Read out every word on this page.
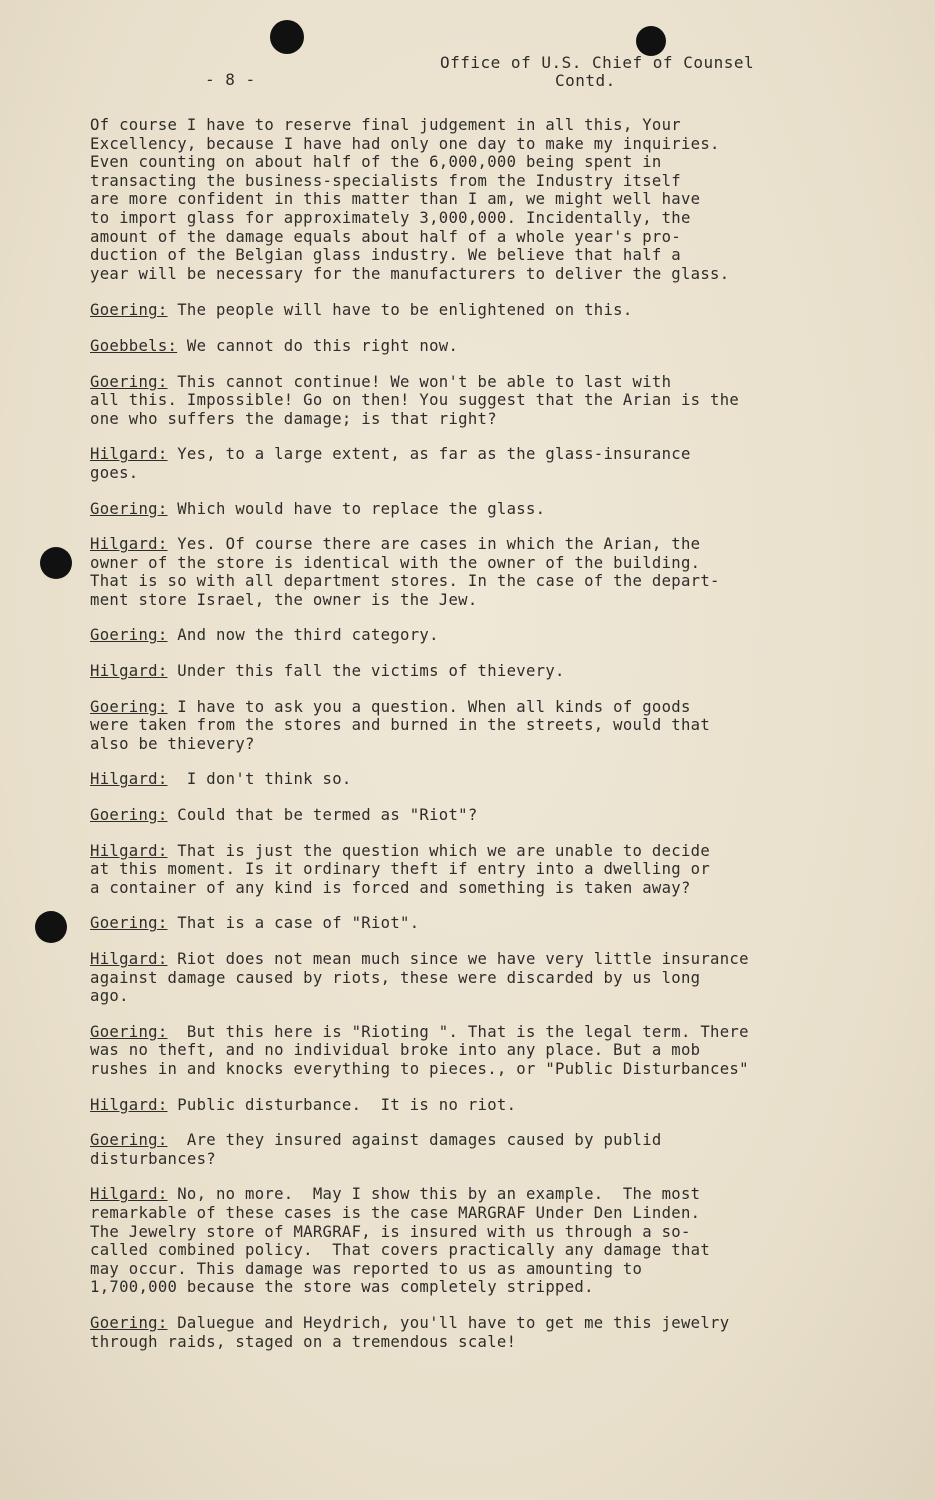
- 8 -
Office of U.S. Chief of Counsel
Contd.
Of course I have to reserve final judgement in all this, Your
Excellency, because I have had only one day to make my inquiries.
Even counting on about half of the 6,000,000 being spent in
transacting the business-specialists from the Industry itself
are more confident in this matter than I am, we might well have
to import glass for approximately 3,000,000. Incidentally, the
amount of the damage equals about half of a whole year's pro-
duction of the Belgian glass industry. We believe that half a
year will be necessary for the manufacturers to deliver the glass.
Goering: The people will have to be enlightened on this.
Goebbels: We cannot do this right now.
Goering: This cannot continue! We won't be able to last with
all this. Impossible! Go on then! You suggest that the Arian is the
one who suffers the damage; is that right?
Hilgard: Yes, to a large extent, as far as the glass-insurance
goes.
Goering: Which would have to replace the glass.
Hilgard: Yes. Of course there are cases in which the Arian, the
owner of the store is identical with the owner of the building.
That is so with all department stores. In the case of the depart-
ment store Israel, the owner is the Jew.
Goering: And now the third category.
Hilgard: Under this fall the victims of thievery.
Goering: I have to ask you a question. When all kinds of goods
were taken from the stores and burned in the streets, would that
also be thievery?
Hilgard:  I don't think so.
Goering: Could that be termed as "Riot"?
Hilgard: That is just the question which we are unable to decide
at this moment. Is it ordinary theft if entry into a dwelling or
a container of any kind is forced and something is taken away?
Goering: That is a case of "Riot".
Hilgard: Riot does not mean much since we have very little insurance
against damage caused by riots, these were discarded by us long
ago.
Goering:  But this here is "Rioting ". That is the legal term. There
was no theft, and no individual broke into any place. But a mob
rushes in and knocks everything to pieces., or "Public Disturbances"
Hilgard: Public disturbance.  It is no riot.
Goering:  Are they insured against damages caused by publid
disturbances?
Hilgard: No, no more.  May I show this by an example.  The most
remarkable of these cases is the case MARGRAF Under Den Linden.
The Jewelry store of MARGRAF, is insured with us through a so-
called combined policy.  That covers practically any damage that
may occur. This damage was reported to us as amounting to
1,700,000 because the store was completely stripped.
Goering: Daluegue and Heydrich, you'll have to get me this jewelry
through raids, staged on a tremendous scale!
